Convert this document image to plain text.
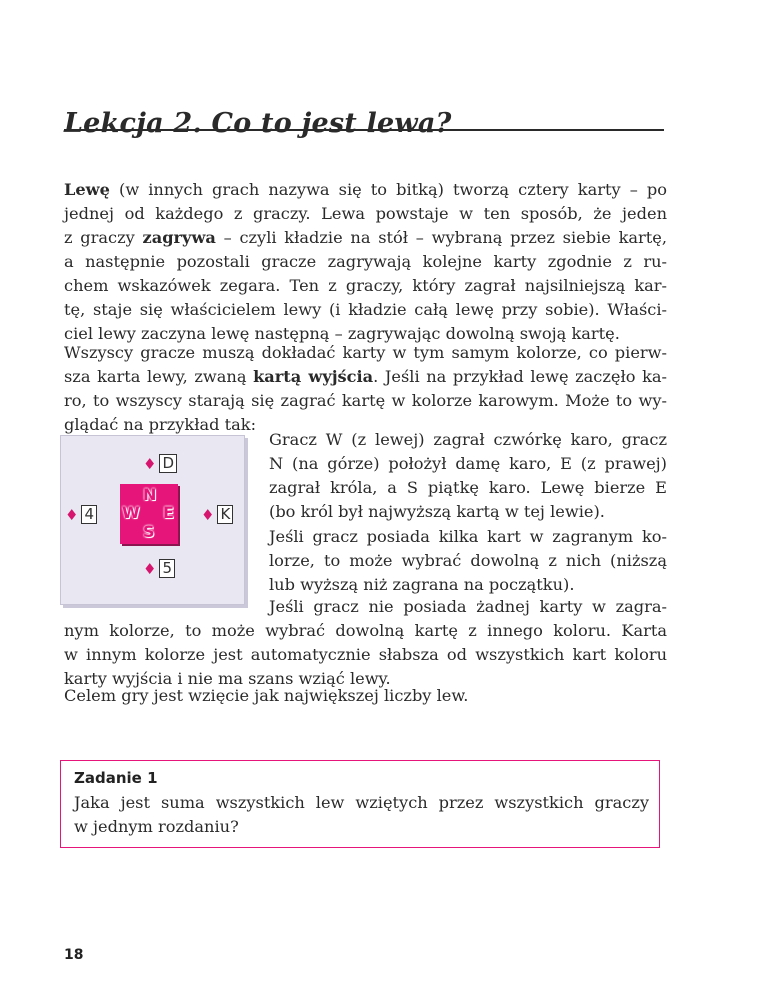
Lekcja 2. Co to jest lewa?

Lewę (w innych grach nazywa się to bitką) tworzą cztery karty – po
jednej od każdego z graczy. Lewa powstaje w ten sposób, że jeden
z graczy zagrywa – czyli kładzie na stół – wybraną przez siebie kartę,
a następnie pozostali gracze zagrywają kolejne karty zgodnie z ru-
chem wskazówek zegara. Ten z graczy, który zagrał najsilniejszą kar-
tę, staje się właścicielem lewy (i kładzie całą lewę przy sobie). Właści-
ciel lewy zaczyna lewę następną – zagrywając dowolną swoją kartę.

Wszyscy gracze muszą dokładać karty w tym samym kolorze, co pierw-
sza karta lewy, zwaną kartą wyjścia. Jeśli na przykład lewę zaczęło ka-
ro, to wszyscy starają się zagrać kartę w kolorze karowym. Może to wy-
glądać na przykład tak:

♦ D
♦ 4	♦ K
♦ 5
N
W E
S

Gracz W (z lewej) zagrał czwórkę karo, gracz
N (na górze) położył damę karo, E (z prawej)
zagrał króla, a S piątkę karo. Lewę bierze E
(bo król był najwyższą kartą w tej lewie).

Jeśli gracz posiada kilka kart w zagranym ko-
lorze, to może wybrać dowolną z nich (niższą
lub wyższą niż zagrana na początku).

Jeśli gracz nie posiada żadnej karty w zagra-
nym kolorze, to może wybrać dowolną kartę z innego koloru. Karta
w innym kolorze jest automatycznie słabsza od wszystkich kart koloru
karty wyjścia i nie ma szans wziąć lewy.

Celem gry jest wzięcie jak największej liczby lew.

Zadanie 1

Jaka jest suma wszystkich lew wziętych przez wszystkich graczy
w jednym rozdaniu?

18
